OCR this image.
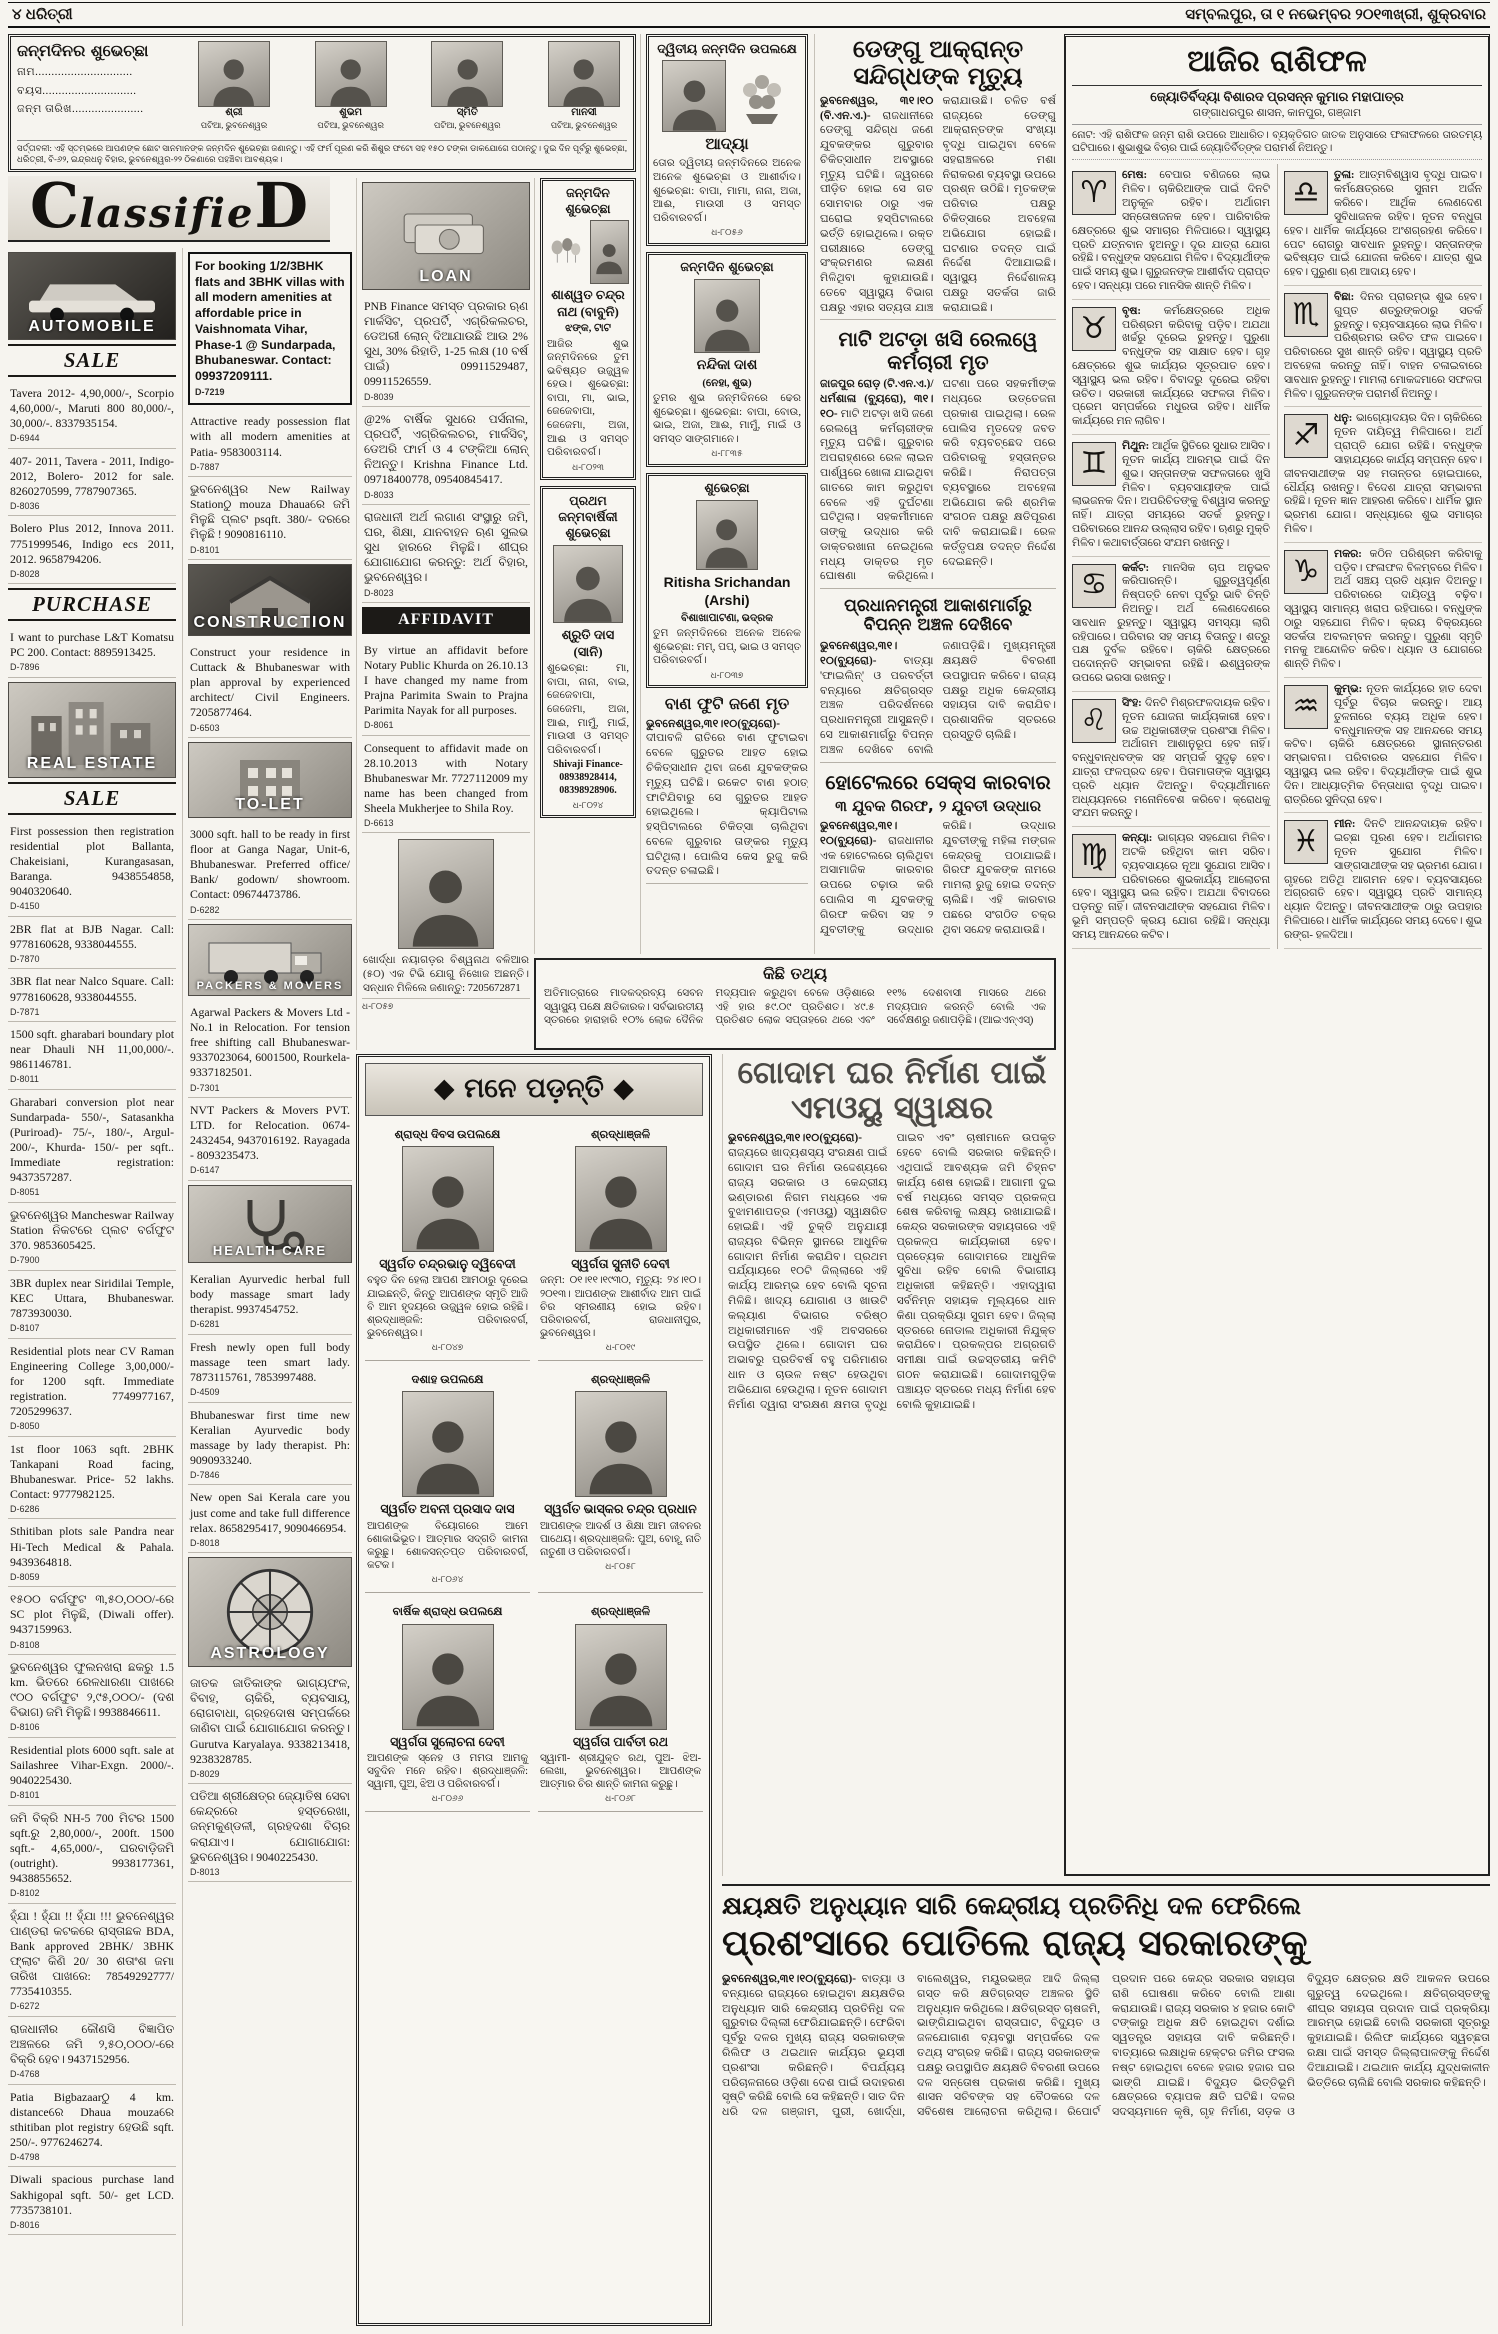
୪ ଧରିତ୍ରୀ	ସମ୍ବଲପୁର, ତା ୧ ନଭେମ୍ବର ୨୦୧୩ଖ୍ରୀ, ଶୁକ୍ରବାର
ଜନ୍ମଦିନର ଶୁଭେଚ୍ଛା
ନାମ..............................
ବୟସ.............................
ଜନ୍ମ ତାରିଖ......................	ଶ୍ରୀ
ପଟିଆ, ଭୁବନେଶ୍ୱର
ଶୁଭମ
ପଟିଆ, ଭୁବନେଶ୍ୱର
ସ୍ମିତି
ପଟିଆ, ଭୁବନେଶ୍ୱର
ମାନସୀ
ପଟିଆ, ଭୁବନେଶ୍ୱର
ସର୍ତ୍ତାବଳୀ: ଏହି ସ୍ତମ୍ଭରେ ଆପଣଙ୍କ ଛୋଟ ସାନମାନଙ୍କ ଜନ୍ମଦିନ ଶୁଭେଚ୍ଛା ଜଣାନ୍ତୁ। ଏହି ଫର୍ମ ପୂରଣ କରି ଶିଶୁର ଫଟୋ ସହ ୧୫୦ ଟଙ୍କା ଡାକଯୋଗେ ପଠାନ୍ତୁ। ଦୁଇ ଦିନ ପୂର୍ବରୁ ଶୁଭେଚ୍ଛା, ଧରିତ୍ରୀ, ବି-୬୨, ଇନ୍ଦ୍ରଧନୁ ବିହାର, ଭୁବନେଶ୍ୱର-୨୨ ଠିକଣାରେ ପହଞ୍ଚିବା ଆବଶ୍ୟକ।
C lassifie D
AUTOMOBILE
SALE
Tavera 2012- 4,90,000/-, Scorpio 4,60,000/-, Maruti 800 80,000/-, 30,000/-. 8337935154.
D-6944
407- 2011, Tavera - 2011, Indigo- 2012, Bolero- 2012 for sale. 8260270599, 7787907365.
D-8036
Bolero Plus 2012, Innova 2011. 7751999546, Indigo ecs 2011, 2012. 9658794206.
D-8028
PURCHASE
I want to purchase L&T Komatsu PC 200. Contact: 8895913425.
D-7896
REAL ESTATE
SALE
First possession then registration residential plot Ballanta, Chakeisiani, Kurangasasan, Baranga. 9438554858, 9040320640.
D-4150
2BR flat at BJB Nagar. Call: 9778160628, 9338044555.
D-7870
3BR flat near Nalco Square. Call: 9778160628, 9338044555.
D-7871
1500 sqft. gharabari boundary plot near Dhauli NH 11,00,000/-. 9861146781.
D-8011
Gharabari conversion plot near Sundarpada- 550/-, Satasankha (Puriroad)- 75/-, 180/-, Argul- 200/-, Khurda- 150/- per sqft.. Immediate registration: 9437357287.
D-8051
ଭୁବନେଶ୍ୱର Mancheswar Railway Station ନିକଟରେ ପ୍ଲଟ ବର୍ଗଫୁଟ 370. 9853605425.
D-7900
3BR duplex near Siridilai Temple, KEC Uttara, Bhubaneswar. 7873930030.
D-8107
Residential plots near CV Raman Engineering College 3,00,000/- for 1200 sqft. Immediate registration. 7749977167, 7205299637.
D-8050
1st floor 1063 sqft. 2BHK Tankapani Road facing, Bhubaneswar. Price- 52 lakhs. Contact: 9777982125.
D-6286
Sthitiban plots sale Pandra near Hi-Tech Medical & Pahala. 9439364818.
D-8059
୧୫୦୦ ବର୍ଗଫୁଟ ୩,୫୦,୦୦୦/-ରେ SC plot ମିଳୁଛି, (Diwali offer). 9437159963.
D-8108
ଭୁବନେଶ୍ୱର ଫୁଲନଖରା ଛକରୁ 1.5 km. ଭିତରେ ରେଳଧାରଣା ପାଖରେ ୯୦୦ ବର୍ଗଫୁଟ ୨,୯୫,୦୦୦/- (ଦଶ ବିଭାଗ) ଜମି ମିଳୁଛି। 9938846611.
D-8106
Residential plots 6000 sqft. sale at Sailashree Vihar-Exgn. 2000/-. 9040225430.
D-8101
ଜମି ବିକ୍ରି NH-5 700 ମିଟର 1500 sqft.ରୁ 2,80,000/-, 200ft. 1500 sqft.- 4,65,000/-, ଘରବାଡ଼ିଜମି (outright). 9938177361, 9438855652.
D-8102
ହ୍ଯାଁ ! ହ୍ଯାଁ !! ହ୍ଯାଁ !!! ଭୁବନେଶ୍ୱର ପାଣ୍ଡରା କଟକରେ ରାସ୍ତାଛକ BDA, Bank approved 2BHK/ 3BHK ଫ୍ଲାଟ କିଣି 20/ 30 ଶତାଂଶ ଜମା ତାରିଖ ପାଖରେ: 78549292777/ 7735410355.
D-6272
ରାଜଧାନୀର କୌଣସି ବିଜ୍ଞାପିତ ଅଞ୍ଚଳରେ ଜମି ୨,୫୦,୦୦୦/-ରେ ବିକ୍ରି ହେବ। 9437152956.
D-4768
Patia Bigbazaarଠୁ 4 km. distanceରେ Dhaua mouzaରେ sthitiban plot registry ହେଉଛି sqft. 250/-. 9776246274.
D-4798
Diwali spacious purchase land Sakhigopal sqft. 50/- get LCD. 7735738101.
D-8016
For booking 1/2/3BHK flats and 3BHK villas with all modern amenities at affordable price in Vaishnomata Vihar, Phase-1 @ Sundarpada, Bhubaneswar. Contact: 09937209111.
D-7219
Attractive ready possession flat with all modern amenities at Patia- 9583003114.
D-7887
ଭୁବନେଶ୍ୱର New Railway Stationଠୁ mouza Dhauaରେ ଜମି ମିଳୁଛି ପ୍ଲଟ psqft. 380/- ଦରରେ ମିଳୁଛି ! 9090816110.
D-8101
CONSTRUCTION
Construct your residence in Cuttack & Bhubaneswar with plan approval by experienced architect/ Civil Engineers. 7205877464.
D-6503
TO-LET
3000 sqft. hall to be ready in first floor at Ganga Nagar, Unit-6, Bhubaneswar. Preferred office/ Bank/ godown/ showroom. Contact: 09674473786.
D-6282
PACKERS & MOVERS
Agarwal Packers & Movers Ltd - No.1 in Relocation. For tension free shifting call Bhubaneswar- 9337023064, 6001500, Rourkela- 9337182501.
D-7301
NVT Packers & Movers PVT. LTD. for Relocation. 0674-2432454, 9437016192. Rayagada - 8093235473.
D-6147
HEALTH CARE
Keralian Ayurvedic herbal full body massage smart lady therapist. 9937454752.
D-6281
Fresh newly open full body massage teen smart lady. 7873115761, 7853997488.
D-4509
Bhubaneswar first time new Keralian Ayurvedic body massage by lady therapist. Ph: 9090933240.
D-7846
New open Sai Kerala care you just come and take full difference relax. 8658295417, 9090466954.
D-8018
ASTROLOGY
ଜାତକ ଜାତିକାଙ୍କ ଭାଗ୍ୟଫଳ, ବିବାହ, ଚାକିରି, ବ୍ୟବସାୟ, ରୋଗବାଧା, ଗ୍ରହଦୋଷ ସମ୍ପର୍କରେ ଜାଣିବା ପାଇଁ ଯୋଗାଯୋଗ କରନ୍ତୁ। Gurutva Karyalaya. 9338213418, 9238328785.
D-8029
ପତିଆ ଶ୍ରୀକ୍ଷେତ୍ର ଜ୍ୟୋତିଷ ସେବା କେନ୍ଦ୍ରରେ ହସ୍ତରେଖା, ଜନ୍ମକୁଣ୍ଡଳୀ, ଗ୍ରହଦଶା ବିଚାର କରାଯାଏ। ଯୋଗାଯୋଗ: ଭୁବନେଶ୍ୱର। 9040225430.
D-8013
LOAN
PNB Finance ସମସ୍ତ ପ୍ରକାର ଋଣ ମାର୍କସିଟ, ପ୍ରପର୍ଟି, ଏଗ୍ରିକଲଚର, ଡେଅରୀ ଲୋନ୍ ଦିଆଯାଉଛି ଆଉ 2% ସୁଧ, 30% ରିହାତି, 1-25 ଲକ୍ଷ (10 ବର୍ଷ ପାଇଁ) 09911529487, 09911526559.
D-8039
@2% ବାର୍ଷିକ ସୁଧରେ ପର୍ସନାଲ, ପ୍ରପର୍ଟି, ଏଗ୍ରିକଲଚର, ମାର୍କସିଟ୍, ଡେଅରି ଫାର୍ମ ଓ 4 ଟଙ୍କିଆ ଲୋନ୍ ନିଅନ୍ତୁ। Krishna Finance Ltd. 09718400778, 09540845417.
D-8033
ରାଜଧାନୀ ଅର୍ଥ ଲଗାଣ ସଂସ୍ଥାରୁ ଜମି, ଘର, ଶିକ୍ଷା, ଯାନବାହନ ଋଣ ସୁଲଭ ସୁଧ ହାରରେ ମିଳୁଛି। ଶୀଘ୍ର ଯୋଗାଯୋଗ କରନ୍ତୁ: ଅର୍ଥ ବିହାର, ଭୁବନେଶ୍ୱର।
D-8023
AFFIDAVIT
By virtue an affidavit before Notary Public Khurda on 26.10.13 I have changed my name from Prajna Parimita Swain to Prajna Parimita Nayak for all purposes.
D-8061
Consequent to affidavit made on 28.10.2013 with Notary Bhubaneswar Mr. 7727112009 my name has been changed from Sheela Mukherjee to Shila Roy.
D-6613
ଖୋର୍ଦ୍ଧା ନୟାଗଡ଼ର ବିଶ୍ୱନାଥ ବଳିଆର (୫୦) ଏକ ଟିଭି ଯୋଗୁ ନିଖୋଜ ଅଛନ୍ତି। ସନ୍ଧାନ ମିଳିଲେ ଜଣାନ୍ତୁ: 7205672871
ଧ-୮୦୫୭
ଜନ୍ମଦିନ ଶୁଭେଚ୍ଛା
ଶାଶ୍ୱତ ଚନ୍ଦ୍ର ନାଥ (ବାବୁନି)
ଝଙ୍କ, ଟାଟ
ଆଜିର ଶୁଭ ଜନ୍ମଦିନରେ ତୁମ ଭବିଷ୍ୟତ ଉଜ୍ଜ୍ୱଳ ହେଉ। ଶୁଭେଚ୍ଛା: ବାପା, ମା, ଭାଇ, ଜେଜେବାପା, ଜେଜେମା, ଅଜା, ଆଈ ଓ ସମସ୍ତ ପରିବାରବର୍ଗ।
ଧ-୮୦୨୩
ପ୍ରଥମ ଜନ୍ମବାର୍ଷିକୀ ଶୁଭେଚ୍ଛା
ଶ୍ରୁତି ଦାସ (ସାନି)
ଶୁଭେଚ୍ଛା: ମା, ବାପା, ନାନା, ବାଇ, ଜେଜେବାପା, ଜେଜେମା, ଅଜା, ଆଈ, ମାମୁଁ, ମାଇଁ, ମାଉସୀ ଓ ସମସ୍ତ ପରିବାରବର୍ଗ।
Shivaji Finance- 08938928414, 08398928906.
ଧ-୮୦୨୪
ଦ୍ୱିତୀୟ ଜନ୍ମଦିନ ଉପଲକ୍ଷେ
ଆଦ୍ୟା
ତୋର ଦ୍ୱିତୀୟ ଜନ୍ମଦିନରେ ଅନେକ ଅନେକ ଶୁଭେଚ୍ଛା ଓ ଆଶୀର୍ବାଦ। ଶୁଭେଚ୍ଛା: ବାପା, ମାମା, ନାନା, ଅଜା, ଆଈ, ମାଉସୀ ଓ ସମସ୍ତ ପରିବାରବର୍ଗ।
ଧ-୮୦୫୬
ଜନ୍ମଦିନ ଶୁଭେଚ୍ଛା
ନନ୍ଦିକା ଦାଶ
(ନେହା, ଶୁଭ)
ତୁମର ଶୁଭ ଜନ୍ମଦିନରେ ଢେର ଶୁଭେଚ୍ଛା। ଶୁଭେଚ୍ଛା: ବାପା, ବୋଉ, ଭାଇ, ଅଜା, ଆଈ, ମାମୁଁ, ମାଇଁ ଓ ସମସ୍ତ ସାଙ୍ଗମାନେ।
ଧ-୮୮୩୫
ଶୁଭେଚ୍ଛା
Ritisha Srichandan (Arshi)
ବିଶାଖାପାଟଣା, ଭଦ୍ରକ
ତୁମ ଜନ୍ମଦିନରେ ଅନେକ ଅନେକ ଶୁଭେଚ୍ଛା: ମମ୍, ପପ୍, ଭାଇ ଓ ସମସ୍ତ ପରିବାରବର୍ଗ।
ଧ-୮୦୩୭
ବାଣ ଫୁଟି ଜଣେ ମୃତ

ଭୁବନେଶ୍ୱର,୩୧।୧୦(ବ୍ୟୁରୋ)- ଦୀପାବଳି ରାତିରେ ବାଣ ଫୁଟାଇବା ବେଳେ ଗୁରୁତର ଆହତ ହୋଇ ଚିକିତ୍ସାଧୀନ ଥିବା ଜଣେ ଯୁବକଙ୍କର ମୃତ୍ୟୁ ଘଟିଛି। ରକେଟ ବାଣ ହଠାତ୍ ଫାଟିଯିବାରୁ ସେ ଗୁରୁତର ଆହତ ହୋଇଥିଲେ। କ୍ୟାପିଟାଲ ହସ୍ପିଟାଲରେ ଚିକିତ୍ସା ଚାଲିଥିବା ବେଳେ ଗୁରୁବାର ତାଙ୍କର ମୃତ୍ୟୁ ଘଟିଥିଲା। ପୋଲିସ କେସ ରୁଜୁ କରି ତଦନ୍ତ ଚଳାଇଛି।

ଡେଙ୍ଗୁ ଆକ୍ରାନ୍ତ ସନ୍ଦିଗ୍ଧଙ୍କ ମୃତ୍ୟୁ
ଭୁବନେଶ୍ୱର, ୩୧।୧୦ (ବି.ଏନ.ଏ.)- ରାଜଧାନୀରେ ଡେଙ୍ଗୁ ସନ୍ଦିଗ୍ଧ ଜଣେ ଯୁବକଙ୍କର ଗୁରୁବାର ଚିକିତ୍ସାଧୀନ ଅବସ୍ଥାରେ ମୃତ୍ୟୁ ଘଟିଛି। ଜ୍ୱରରେ ପୀଡ଼ିତ ହୋଇ ସେ ଗତ ସୋମବାର ଠାରୁ ଏକ ଘରୋଇ ହସ୍ପିଟାଲରେ ଭର୍ତ୍ତି ହୋଇଥିଲେ। ରକ୍ତ ପରୀକ୍ଷାରେ ଡେଙ୍ଗୁ ସଂକ୍ରମଣର ଲକ୍ଷଣ ମିଳିଥିବା କୁହାଯାଉଛି। ତେବେ ସ୍ୱାସ୍ଥ୍ୟ ବିଭାଗ ପକ୍ଷରୁ ଏହାର ସତ୍ୟତା ଯାଞ୍ଚ କରାଯାଉଛି। ଚଳିତ ବର୍ଷ ରାଜ୍ୟରେ ଡେଙ୍ଗୁ ଆକ୍ରାନ୍ତଙ୍କ ସଂଖ୍ୟା ବୃଦ୍ଧି ପାଇଥିବା ବେଳେ ସହରାଞ୍ଚଳରେ ମଶା ନିରାକରଣ ବ୍ୟବସ୍ଥା ଉପରେ ପ୍ରଶ୍ନ ଉଠିଛି। ମୃତକଙ୍କ ପରିବାର ପକ୍ଷରୁ ଚିକିତ୍ସାରେ ଅବହେଳା ଅଭିଯୋଗ ହୋଇଛି। ଘଟଣାର ତଦନ୍ତ ପାଇଁ ନିର୍ଦ୍ଦେଶ ଦିଆଯାଇଛି। ସ୍ୱାସ୍ଥ୍ୟ ନିର୍ଦ୍ଦେଶାଳୟ ପକ୍ଷରୁ ସତର୍କତା ଜାରି କରାଯାଇଛି।
ମାଟି ଅଟଡ଼ା ଖସି ରେଲୱେ କର୍ମଚାରୀ ମୃତ
ଜାଜପୁର ରୋଡ଼ (ଟି.ଏନ.ଏ.)/ ଧର୍ମଶାଳା (ବ୍ୟୁରୋ), ୩୧।୧୦- ମାଟି ଅଟଡ଼ା ଖସି ଜଣେ ରେଲୱେ କର୍ମଚାରୀଙ୍କ ମୃତ୍ୟୁ ଘଟିଛି। ଗୁରୁବାର ଅପରାହ୍ଣରେ ରେଳ ଲାଇନ ପାର୍ଶ୍ୱରେ ଖୋଳା ଯାଇଥିବା ଗାତରେ କାମ କରୁଥିବା ବେଳେ ଏହି ଦୁର୍ଘଟଣା ଘଟିଥିଲା। ସହକର୍ମୀମାନେ ତାଙ୍କୁ ଉଦ୍ଧାର କରି ଡାକ୍ତରଖାନା ନେଇଥିଲେ ମଧ୍ୟ ଡାକ୍ତର ମୃତ ଘୋଷଣା କରିଥିଲେ। ଘଟଣା ପରେ ସହକର୍ମୀଙ୍କ ମଧ୍ୟରେ ଉତ୍ତେଜନା ପ୍ରକାଶ ପାଇଥିଲା। ରେଳ ପୋଲିସ ମୃତଦେହ ଜବତ କରି ବ୍ୟବଚ୍ଛେଦ ପରେ ପରିବାରକୁ ହସ୍ତାନ୍ତର କରିଛି। ନିରାପତ୍ତା ବ୍ୟବସ୍ଥାରେ ଅବହେଳା ଅଭିଯୋଗ କରି ଶ୍ରମିକ ସଂଗଠନ ପକ୍ଷରୁ କ୍ଷତିପୂରଣ ଦାବି କରାଯାଇଛି। ରେଳ କର୍ତ୍ତୃପକ୍ଷ ତଦନ୍ତ ନିର୍ଦ୍ଦେଶ ଦେଇଛନ୍ତି।
ପ୍ରଧାନମନ୍ତ୍ରୀ ଆକାଶମାର୍ଗରୁ ବିପନ୍ନ ଅଞ୍ଚଳ ଦେଖିବେ
ଭୁବନେଶ୍ୱର,୩୧।୧୦(ବ୍ୟୁରୋ)- ବାତ୍ୟା 'ଫାଇଲିନ୍' ଓ ପରବର୍ତ୍ତୀ ବନ୍ୟାରେ କ୍ଷତିଗ୍ରସ୍ତ ଅଞ୍ଚଳ ପରିଦର୍ଶନରେ ପ୍ରଧାନମନ୍ତ୍ରୀ ଆସୁଛନ୍ତି। ସେ ଆକାଶମାର୍ଗରୁ ବିପନ୍ନ ଅଞ୍ଚଳ ଦେଖିବେ ବୋଲି ଜଣାପଡ଼ିଛି। ମୁଖ୍ୟମନ୍ତ୍ରୀ କ୍ଷୟକ୍ଷତି ବିବରଣୀ ଉପସ୍ଥାପନ କରିବେ। ରାଜ୍ୟ ପକ୍ଷରୁ ଅଧିକ କେନ୍ଦ୍ରୀୟ ସହାୟତା ଦାବି କରାଯିବ। ପ୍ରଶାସନିକ ସ୍ତରରେ ପ୍ରସ୍ତୁତି ଚାଲିଛି।
ହୋଟେଲରେ ସେକ୍ସ କାରବାର
୩ ଯୁବକ ଗିରଫ, ୨ ଯୁବତୀ ଉଦ୍ଧାର
ଭୁବନେଶ୍ୱର,୩୧।୧୦(ବ୍ୟୁରୋ)- ରାଜଧାନୀର ଏକ ହୋଟେଲରେ ଚାଲିଥିବା ଅସାମାଜିକ କାରବାର ଉପରେ ଚଢ଼ାଉ କରି ପୋଲିସ ୩ ଯୁବକଙ୍କୁ ଗିରଫ କରିବା ସହ ୨ ଯୁବତୀଙ୍କୁ ଉଦ୍ଧାର କରିଛି। ଉଦ୍ଧାର ଯୁବତୀଙ୍କୁ ମହିଳା ମଙ୍ଗଳ କେନ୍ଦ୍ରକୁ ପଠାଯାଇଛି। ଗିରଫ ଯୁବକଙ୍କ ନାମରେ ମାମଲା ରୁଜୁ ହୋଇ ତଦନ୍ତ ଚାଲିଛି। ଏହି କାରବାର ପଛରେ ସଂଗଠିତ ଚକ୍ର ଥିବା ସନ୍ଦେହ କରାଯାଉଛି।
କିଛି ତଥ୍ୟ
ଅତିମାତ୍ରାରେ ମାଦକଦ୍ରବ୍ୟ ସେବନ ସ୍ୱାସ୍ଥ୍ୟ ପକ୍ଷେ କ୍ଷତିକାରକ। ସର୍ବଭାରତୀୟ ସ୍ତରରେ ହାରାହାରି ୧୦% ଲୋକ ଦୈନିକ ମଦ୍ୟପାନ କରୁଥିବା ବେଳେ ଓଡ଼ିଶାରେ ଏହି ହାର ୫୯.୦୯ ପ୍ରତିଶତ। ୪୯.୫ ପ୍ରତିଶତ ଲୋକ ସପ୍ତାହରେ ଥରେ ଏବଂ ୧୧% ଦେଶବାସୀ ମାସରେ ଥରେ ମଦ୍ୟପାନ କରନ୍ତି ବୋଲି ଏକ ସର୍ବେକ୍ଷଣରୁ ଜଣାପଡ଼ିଛି। (ଆଇଏନ୍ଏସ୍)
◆ ମନେ ପଡ଼ନ୍ତି ◆
ଶ୍ରାଦ୍ଧ ଦିବସ ଉପଲକ୍ଷେ
ସ୍ୱର୍ଗତ ଚନ୍ଦ୍ରଭାନୁ ଦ୍ୱିବେଦୀ

ବହୁତ ଦିନ ହେଲା ଆପଣ ଆମଠାରୁ ଦୂରେଇ ଯାଇଛନ୍ତି, କିନ୍ତୁ ଆପଣଙ୍କ ସ୍ମୃତି ଆଜି ବି ଆମ ହୃଦୟରେ ଉଜ୍ଜ୍ୱଳ ହୋଇ ରହିଛି। ଶ୍ରଦ୍ଧାଞ୍ଜଳି: ପରିବାରବର୍ଗ, ଭୁବନେଶ୍ୱର।

ଧ-୮୦୪୭
ଶ୍ରଦ୍ଧାଞ୍ଜଳି
ସ୍ୱର୍ଗତା ସୁନୀତି ଦେବୀ

ଜନ୍ମ: ୦୧।୧୧।୧୯୩୦, ମୃତ୍ୟୁ: ୨୪।୧୦।୨୦୧୩। ଆପଣଙ୍କ ଆଶୀର୍ବାଦ ଆମ ପାଇଁ ଚିର ସ୍ମରଣୀୟ ହୋଇ ରହିବ। ପରିବାରବର୍ଗ, ରାଜଧାନୀପୁର, ଭୁବନେଶ୍ୱର।

ଧ-୮୦୧୯
ଦଶାହ ଉପଲକ୍ଷେ
ସ୍ୱର୍ଗତ ଅବନୀ ପ୍ରସାଦ ଦାସ

ଆପଣଙ୍କ ବିୟୋଗରେ ଆମେ ଶୋକାଭିଭୂତ। ଆତ୍ମାର ସଦ୍‌ଗତି କାମନା କରୁଛୁ। ଶୋକସନ୍ତପ୍ତ ପରିବାରବର୍ଗ, କଟକ।

ଧ-୮୦୬୪
ଶ୍ରଦ୍ଧାଞ୍ଜଳି
ସ୍ୱର୍ଗତ ଭାସ୍କର ଚନ୍ଦ୍ର ପ୍ରଧାନ

ଆପଣଙ୍କ ଆଦର୍ଶ ଓ ଶିକ୍ଷା ଆମ ଜୀବନର ପାଥେୟ। ଶ୍ରଦ୍ଧାଞ୍ଜଳି: ପୁଅ, ବୋହୂ, ନାତି ନାତୁଣୀ ଓ ପରିବାରବର୍ଗ।

ଧ-୮୦୫୮
ବାର୍ଷିକ ଶ୍ରାଦ୍ଧ ଉପଲକ୍ଷେ
ସ୍ୱର୍ଗତା ସୁଲୋଚନା ଦେବୀ

ଆପଣଙ୍କ ସ୍ନେହ ଓ ମମତା ଆମକୁ ସବୁଦିନ ମନେ ରହିବ। ଶ୍ରଦ୍ଧାଞ୍ଜଳି: ସ୍ୱାମୀ, ପୁଅ, ଝିଅ ଓ ପରିବାରବର୍ଗ।

ଧ-୮୦୬୬
ଶ୍ରଦ୍ଧାଞ୍ଜଳି
ସ୍ୱର୍ଗତା ପାର୍ବତୀ ରଥ

ସ୍ୱାମୀ- ଶ୍ରୀଯୁକ୍ତ ରଥ, ପୁଅ- ଝିଅ- ଲେଖା, ଭୁବନେଶ୍ୱର। ଆପଣଙ୍କ ଆତ୍ମାର ଚିର ଶାନ୍ତି କାମନା କରୁଛୁ।

ଧ-୮୦୬୮
ଗୋଦାମ ଘର ନିର୍ମାଣ ପାଇଁ ଏମଓୟୁ ସ୍ୱାକ୍ଷର
ଭୁବନେଶ୍ୱର,୩୧।୧୦(ବ୍ୟୁରୋ)- ରାଜ୍ୟରେ ଖାଦ୍ୟଶସ୍ୟ ସଂରକ୍ଷଣ ପାଇଁ ଗୋଦାମ ଘର ନିର୍ମାଣ ଉଦ୍ଦେଶ୍ୟରେ ରାଜ୍ୟ ସରକାର ଓ କେନ୍ଦ୍ରୀୟ ଭଣ୍ଡାରଣ ନିଗମ ମଧ୍ୟରେ ଏକ ବୁଝାମଣାପତ୍ର (ଏମଓୟୁ) ସ୍ୱାକ୍ଷରିତ ହୋଇଛି। ଏହି ଚୁକ୍ତି ଅନୁଯାୟୀ ରାଜ୍ୟର ବିଭିନ୍ନ ସ୍ଥାନରେ ଆଧୁନିକ ଗୋଦାମ ନିର୍ମାଣ କରାଯିବ। ପ୍ରଥମ ପର୍ଯ୍ୟାୟରେ ୧୦ଟି ଜିଲ୍ଲାରେ ଏହି କାର୍ଯ୍ୟ ଆରମ୍ଭ ହେବ ବୋଲି ସୂଚନା ମିଳିଛି। ଖାଦ୍ୟ ଯୋଗାଣ ଓ ଖାଉଟି କଲ୍ୟାଣ ବିଭାଗର ବରିଷ୍ଠ ଅଧିକାରୀମାନେ ଏହି ଅବସରରେ ଉପସ୍ଥିତ ଥିଲେ। ଗୋଦାମ ଘର ଅଭାବରୁ ପ୍ରତିବର୍ଷ ବହୁ ପରିମାଣର ଧାନ ଓ ଚାଉଳ ନଷ୍ଟ ହେଉଥିବା ଅଭିଯୋଗ ହେଉଥିଲା। ନୂତନ ଗୋଦାମ ନିର୍ମାଣ ଦ୍ୱାରା ସଂରକ୍ଷଣ କ୍ଷମତା ବୃଦ୍ଧି ପାଇବ ଏବଂ ଚାଷୀମାନେ ଉପକୃତ ହେବେ ବୋଲି ସରକାର କହିଛନ୍ତି। ଏଥିପାଇଁ ଆବଶ୍ୟକ ଜମି ଚିହ୍ନଟ କାର୍ଯ୍ୟ ଶେଷ ହୋଇଛି। ଆଗାମୀ ଦୁଇ ବର୍ଷ ମଧ୍ୟରେ ସମସ୍ତ ପ୍ରକଳ୍ପ ଶେଷ କରିବାକୁ ଲକ୍ଷ୍ୟ ରଖାଯାଇଛି। କେନ୍ଦ୍ର ସରକାରଙ୍କ ସହାୟତାରେ ଏହି ପ୍ରକଳ୍ପ କାର୍ଯ୍ୟକାରୀ ହେବ। ପ୍ରତ୍ୟେକ ଗୋଦାମରେ ଆଧୁନିକ ସୁବିଧା ରହିବ ବୋଲି ବିଭାଗୀୟ ଅଧିକାରୀ କହିଛନ୍ତି। ଏହାଦ୍ୱାରା ସର୍ବନିମ୍ନ ସହାୟକ ମୂଲ୍ୟରେ ଧାନ କିଣା ପ୍ରକ୍ରିୟା ସୁଗମ ହେବ। ଜିଲ୍ଲା ସ୍ତରରେ ନୋଡାଲ ଅଧିକାରୀ ନିଯୁକ୍ତ କରାଯିବେ। ପ୍ରକଳ୍ପର ଅଗ୍ରଗତି ସମୀକ୍ଷା ପାଇଁ ଉଚ୍ଚସ୍ତରୀୟ କମିଟି ଗଠନ କରାଯାଇଛି। ଗୋଦାମଗୁଡ଼ିକ ପଞ୍ଚାୟତ ସ୍ତରରେ ମଧ୍ୟ ନିର୍ମାଣ ହେବ ବୋଲି କୁହାଯାଇଛି।
ଆଜିର ରାଶିଫଳ
ଜ୍ୟୋତିର୍ବିଦ୍ୟା ବିଶାରଦ ପ୍ରସନ୍ନ କୁମାର ମହାପାତ୍ର
ଗଙ୍ଗାଧରପୁର ଶାସନ, କାନପୁର, ଗଞ୍ଜାମ
ନୋଟ: ଏହି ରାଶିଫଳ ଜନ୍ମ ରାଶି ଉପରେ ଆଧାରିତ। ବ୍ୟକ୍ତିଗତ ଜାତକ ଅନୁସାରେ ଫଳାଫଳରେ ତାରତମ୍ୟ ଘଟିପାରେ। ଶୁଭାଶୁଭ ବିଚାର ପାଇଁ ଜ୍ୟୋତିର୍ବିତ୍‌ଙ୍କ ପରାମର୍ଶ ନିଅନ୍ତୁ।
♈	ମେଷ : ବେପାର ବଣିଜରେ ଲାଭ ମିଳିବ। ଚାକିରିଆଙ୍କ ପାଇଁ ଦିନଟି ଅନୁକୂଳ ରହିବ। ଅର୍ଥାଗମ ସନ୍ତୋଷଜନକ ହେବ। ପାରିବାରିକ କ୍ଷେତ୍ରରେ ଶୁଭ ସମାଚାର ମିଳିପାରେ। ସ୍ୱାସ୍ଥ୍ୟ ପ୍ରତି ଯତ୍ନବାନ ହୁଅନ୍ତୁ। ଦୂର ଯାତ୍ରା ଯୋଗ ରହିଛି। ବନ୍ଧୁଙ୍କ ସହଯୋଗ ମିଳିବ। ବିଦ୍ୟାର୍ଥୀଙ୍କ ପାଇଁ ସମୟ ଶୁଭ। ଗୁରୁଜନଙ୍କ ଆଶୀର୍ବାଦ ପ୍ରାପ୍ତ ହେବ। ସନ୍ଧ୍ୟା ପରେ ମାନସିକ ଶାନ୍ତି ମିଳିବ।

♉	ବୃଷ : କର୍ମକ୍ଷେତ୍ରରେ ଅଧିକ ପରିଶ୍ରମ କରିବାକୁ ପଡ଼ିବ। ଅଯଥା ଖର୍ଚ୍ଚରୁ ଦୂରେଇ ରୁହନ୍ତୁ। ପୁରୁଣା ବନ୍ଧୁଙ୍କ ସହ ସାକ୍ଷାତ ହେବ। ଗୃହ କ୍ଷେତ୍ରରେ ଶୁଭ କାର୍ଯ୍ୟର ସୂତ୍ରପାତ ହେବ। ସ୍ୱାସ୍ଥ୍ୟ ଭଲ ରହିବ। ବିବାଦରୁ ଦୂରେଇ ରହିବା ଉଚିତ। ସରକାରୀ କାର୍ଯ୍ୟରେ ସଫଳତା ମିଳିବ। ପ୍ରେମ ସମ୍ପର୍କରେ ମଧୁରତା ରହିବ। ଧାର୍ମିକ କାର୍ଯ୍ୟରେ ମନ ଲାଗିବ।

♊	ମିଥୁନ : ଆର୍ଥିକ ସ୍ଥିତିରେ ସୁଧାର ଆସିବ। ନୂତନ କାର୍ଯ୍ୟ ଆରମ୍ଭ ପାଇଁ ଦିନ ଶୁଭ। ସନ୍ତାନଙ୍କ ସଫଳତାରେ ଖୁସି ମିଳିବ। ବ୍ୟବସାୟୀଙ୍କ ପାଇଁ ଲାଭଜନକ ଦିନ। ଅପରିଚିତଙ୍କୁ ବିଶ୍ୱାସ କରନ୍ତୁ ନାହିଁ। ଯାତ୍ରା ସମୟରେ ସତର୍କ ରୁହନ୍ତୁ। ପରିବାରରେ ଆନନ୍ଦ ଉଲ୍ଲାସ ରହିବ। ଋଣରୁ ମୁକ୍ତି ମିଳିବ। କଥାବାର୍ତ୍ତାରେ ସଂଯମ ରଖନ୍ତୁ।

♋	କର୍କଟ : ମାନସିକ ଚାପ ଅନୁଭବ କରିପାରନ୍ତି। ଗୁରୁତ୍ୱପୂର୍ଣ୍ଣ ନିଷ୍ପତ୍ତି ନେବା ପୂର୍ବରୁ ଭାବି ଚିନ୍ତି ନିଅନ୍ତୁ। ଅର୍ଥ ଲେଣଦେଣରେ ସାବଧାନ ରୁହନ୍ତୁ। ସ୍ୱାସ୍ଥ୍ୟ ସମସ୍ୟା ଲାଗି ରହିପାରେ। ପରିବାର ସହ ସମୟ ବିତାନ୍ତୁ। ଶତ୍ରୁ ପକ୍ଷ ଦୁର୍ବଳ ରହିବେ। ଚାକିରି କ୍ଷେତ୍ରରେ ପଦୋନ୍ନତି ସମ୍ଭାବନା ରହିଛି। ଈଶ୍ୱରଙ୍କ ଉପରେ ଭରସା ରଖନ୍ତୁ।

♌	ସିଂହ : ଦିନଟି ମିଶ୍ରଫଳଦାୟକ ରହିବ। ନୂତନ ଯୋଜନା କାର୍ଯ୍ୟକାରୀ ହେବ। ଉଚ୍ଚ ଅଧିକାରୀଙ୍କ ପ୍ରଶଂସା ମିଳିବ। ଅର୍ଥାଗମ ଆଶାନୁରୂପ ହେବ ନାହିଁ। ବନ୍ଧୁବାନ୍ଧବଙ୍କ ସହ ସମ୍ପର୍କ ସୁଦୃଢ଼ ହେବ। ଯାତ୍ରା ଫଳପ୍ରଦ ହେବ। ପିତାମାତାଙ୍କ ସ୍ୱାସ୍ଥ୍ୟ ପ୍ରତି ଧ୍ୟାନ ଦିଅନ୍ତୁ। ବିଦ୍ୟାର୍ଥୀମାନେ ଅଧ୍ୟୟନରେ ମନୋନିବେଶ କରିବେ। କ୍ରୋଧକୁ ସଂଯମ କରନ୍ତୁ।

♍	କନ୍ୟା : ଭାଗ୍ୟର ସହଯୋଗ ମିଳିବ। ଅଟକି ରହିଥିବା କାମ ସରିବ। ବ୍ୟବସାୟରେ ନୂଆ ସୁଯୋଗ ଆସିବ। ପରିବାରରେ ଶୁଭକାର୍ଯ୍ୟ ଆଲୋଚନା ହେବ। ସ୍ୱାସ୍ଥ୍ୟ ଭଲ ରହିବ। ଅଯଥା ବିବାଦରେ ପଡ଼ନ୍ତୁ ନାହିଁ। ଜୀବନସାଥୀଙ୍କ ସହଯୋଗ ମିଳିବ। ଭୂମି ସମ୍ପତ୍ତି କ୍ରୟ ଯୋଗ ରହିଛି। ସନ୍ଧ୍ୟା ସମୟ ଆନନ୍ଦରେ କଟିବ।

♎	ତୁଳା : ଆତ୍ମବିଶ୍ୱାସ ବୃଦ୍ଧି ପାଇବ। କର୍ମକ୍ଷେତ୍ରରେ ସୁନାମ ଅର୍ଜନ କରିବେ। ଆର୍ଥିକ ଲେଣଦେଣ ସୁବିଧାଜନକ ରହିବ। ନୂତନ ବନ୍ଧୁତା ହେବ। ଧାର୍ମିକ କାର୍ଯ୍ୟରେ ଅଂଶଗ୍ରହଣ କରିବେ। ପେଟ ରୋଗରୁ ସାବଧାନ ରୁହନ୍ତୁ। ସନ୍ତାନଙ୍କ ଭବିଷ୍ୟତ ପାଇଁ ଯୋଜନା କରିବେ। ଯାତ୍ରା ଶୁଭ ହେବ। ପୁରୁଣା ଋଣ ଆଦାୟ ହେବ।

♏	ବିଛା : ଦିନର ପ୍ରାରମ୍ଭ ଶୁଭ ହେବ। ଗୁପ୍ତ ଶତ୍ରୁଙ୍କଠାରୁ ସତର୍କ ରୁହନ୍ତୁ। ବ୍ୟବସାୟରେ ଲାଭ ମିଳିବ। ପରିଶ୍ରମର ଉଚିତ ଫଳ ପାଇବେ। ପରିବାରରେ ସୁଖ ଶାନ୍ତି ରହିବ। ସ୍ୱାସ୍ଥ୍ୟ ପ୍ରତି ଅବହେଳା କରନ୍ତୁ ନାହିଁ। ବାହନ ଚଳାଇବାରେ ସାବଧାନ ରୁହନ୍ତୁ। ମାମଲା ମୋକଦ୍ଦମାରେ ସଫଳତା ମିଳିବ। ଗୁରୁଜନଙ୍କ ପରାମର୍ଶ ନିଅନ୍ତୁ।

♐	ଧନୁ : ଭାଗ୍ୟୋଦୟର ଦିନ। ଚାକିରିରେ ନୂତନ ଦାୟିତ୍ୱ ମିଳିପାରେ। ଅର୍ଥ ପ୍ରାପ୍ତି ଯୋଗ ରହିଛି। ବନ୍ଧୁଙ୍କ ସାହାଯ୍ୟରେ କାର୍ଯ୍ୟ ସମ୍ପନ୍ନ ହେବ। ଜୀବନସାଥୀଙ୍କ ସହ ମତାନ୍ତର ହୋଇପାରେ, ଧୈର୍ଯ୍ୟ ରଖନ୍ତୁ। ବିଦେଶ ଯାତ୍ରା ସମ୍ଭାବନା ରହିଛି। ନୂତନ ଜ୍ଞାନ ଆହରଣ କରିବେ। ଧାର୍ମିକ ସ୍ଥାନ ଭ୍ରମଣ ଯୋଗ। ସନ୍ଧ୍ୟାରେ ଶୁଭ ସମାଚାର ମିଳିବ।

♑	ମକର : କଠିନ ପରିଶ୍ରମ କରିବାକୁ ପଡ଼ିବ। ଫଳାଫଳ ବିଳମ୍ବରେ ମିଳିବ। ଅର୍ଥ ସଞ୍ଚୟ ପ୍ରତି ଧ୍ୟାନ ଦିଅନ୍ତୁ। ପରିବାରରେ ଦାୟିତ୍ୱ ବଢ଼ିବ। ସ୍ୱାସ୍ଥ୍ୟ ସାମାନ୍ୟ ଖରାପ ରହିପାରେ। ବନ୍ଧୁଙ୍କ ଠାରୁ ସହଯୋଗ ମିଳିବ। କ୍ରୟ ବିକ୍ରୟରେ ସତର୍କତା ଅବଲମ୍ବନ କରନ୍ତୁ। ପୁରୁଣା ସ୍ମୃତି ମନକୁ ଆନ୍ଦୋଳିତ କରିବ। ଧ୍ୟାନ ଓ ଯୋଗରେ ଶାନ୍ତି ମିଳିବ।

♒	କୁମ୍ଭ : ନୂତନ କାର୍ଯ୍ୟରେ ହାତ ଦେବା ପୂର୍ବରୁ ବିଚାର କରନ୍ତୁ। ଆୟ ତୁଳନାରେ ବ୍ୟୟ ଅଧିକ ହେବ। ବନ୍ଧୁମାନଙ୍କ ସହ ଆନନ୍ଦରେ ସମୟ କଟିବ। ଚାକିରି କ୍ଷେତ୍ରରେ ସ୍ଥାନାନ୍ତରଣ ସମ୍ଭାବନା। ପରିବାରର ସହଯୋଗ ମିଳିବ। ସ୍ୱାସ୍ଥ୍ୟ ଭଲ ରହିବ। ବିଦ୍ୟାର୍ଥୀଙ୍କ ପାଇଁ ଶୁଭ ଦିନ। ଆଧ୍ୟାତ୍ମିକ ଚିନ୍ତାଧାରା ବୃଦ୍ଧି ପାଇବ। ରାତ୍ରିରେ ସୁନିଦ୍ରା ହେବ।

♓	ମୀନ : ଦିନଟି ଆନନ୍ଦଦାୟକ ରହିବ। ଇଚ୍ଛା ପୂରଣ ହେବ। ଅର୍ଥାଗମର ନୂତନ ସୁଯୋଗ ମିଳିବ। ସାଙ୍ଗସାଥୀଙ୍କ ସହ ଭ୍ରମଣ ଯୋଗ। ଗୃହରେ ଅତିଥି ଆଗମନ ହେବ। ବ୍ୟବସାୟରେ ଅଗ୍ରଗତି ହେବ। ସ୍ୱାସ୍ଥ୍ୟ ପ୍ରତି ସାମାନ୍ୟ ଧ୍ୟାନ ଦିଅନ୍ତୁ। ଜୀବନସାଥୀଙ୍କ ଠାରୁ ଉପହାର ମିଳିପାରେ। ଧାର୍ମିକ କାର୍ଯ୍ୟରେ ସମୟ ଦେବେ। ଶୁଭ ରଙ୍ଗ- ହଳଦିଆ।

କ୍ଷୟକ୍ଷତି ଅନୁଧ୍ୟାନ ସାରି କେନ୍ଦ୍ରୀୟ ପ୍ରତିନିଧି ଦଳ ଫେରିଲେ
ପ୍ରଶଂସାରେ ପୋତିଲେ ରାଜ୍ୟ ସରକାରଙ୍କୁ
ଭୁବନେଶ୍ୱର,୩୧।୧୦(ବ୍ୟୁରୋ)- ବାତ୍ୟା ଓ ବନ୍ୟାରେ ରାଜ୍ୟରେ ହୋଇଥିବା କ୍ଷୟକ୍ଷତିର ଅନୁଧ୍ୟାନ ସାରି କେନ୍ଦ୍ରୀୟ ପ୍ରତିନିଧି ଦଳ ଗୁରୁବାର ଦିଲ୍ଲୀ ଫେରିଯାଇଛନ୍ତି। ଫେରିବା ପୂର୍ବରୁ ଦଳର ମୁଖ୍ୟ ରାଜ୍ୟ ସରକାରଙ୍କ ରିଲିଫ ଓ ଥଇଥାନ କାର୍ଯ୍ୟର ଭୂୟସୀ ପ୍ରଶଂସା କରିଛନ୍ତି। ବିପର୍ଯ୍ୟୟ ପରିଚାଳନାରେ ଓଡ଼ିଶା ଦେଶ ପାଇଁ ଉଦାହରଣ ସୃଷ୍ଟି କରିଛି ବୋଲି ସେ କହିଛନ୍ତି। ସାତ ଦିନ ଧରି ଦଳ ଗଞ୍ଜାମ, ପୁରୀ, ଖୋର୍ଦ୍ଧା, ବାଲେଶ୍ୱର, ମୟୂରଭଞ୍ଜ ଆଦି ଜିଲ୍ଲା ଗସ୍ତ କରି କ୍ଷତିଗ୍ରସ୍ତ ଅଞ୍ଚଳର ସ୍ଥିତି ଅନୁଧ୍ୟାନ କରିଥିଲେ। କ୍ଷତିଗ୍ରସ୍ତ ଚାଷଜମି, ଭାଙ୍ଗିଯାଇଥିବା ରାସ୍ତାଘାଟ, ବିଦ୍ୟୁତ ଓ ଜଳଯୋଗାଣ ବ୍ୟବସ୍ଥା ସମ୍ପର୍କରେ ଦଳ ତଥ୍ୟ ସଂଗ୍ରହ କରିଛି। ରାଜ୍ୟ ସରକାରଙ୍କ ପକ୍ଷରୁ ଉପସ୍ଥାପିତ କ୍ଷୟକ୍ଷତି ବିବରଣୀ ଉପରେ ଦଳ ସନ୍ତୋଷ ପ୍ରକାଶ କରିଛି। ମୁଖ୍ୟ ଶାସନ ସଚିବଙ୍କ ସହ ବୈଠକରେ ଦଳ ସବିଶେଷ ଆଲୋଚନା କରିଥିଲା। ରିପୋର୍ଟ ପ୍ରଦାନ ପରେ କେନ୍ଦ୍ର ସରକାର ସହାୟତା ରାଶି ଘୋଷଣା କରିବେ ବୋଲି ଆଶା କରାଯାଉଛି। ରାଜ୍ୟ ସରକାର ୪ ହଜାର କୋଟି ଟଙ୍କାରୁ ଅଧିକ କ୍ଷତି ହୋଇଥିବା ଦର୍ଶାଇ ସ୍ୱତନ୍ତ୍ର ସହାୟତା ଦାବି କରିଛନ୍ତି। ବାତ୍ୟାରେ ଲକ୍ଷାଧିକ ହେକ୍ଟର ଜମିର ଫସଲ ନଷ୍ଟ ହୋଇଥିବା ବେଳେ ହଜାର ହଜାର ଘର ଭାଙ୍ଗି ଯାଇଛି। ବିଦ୍ୟୁତ ଭିତ୍ତିଭୂମି କ୍ଷେତ୍ରରେ ବ୍ୟାପକ କ୍ଷତି ଘଟିଛି। ଦଳର ସଦସ୍ୟମାନେ କୃଷି, ଗୃହ ନିର୍ମାଣ, ସଡ଼କ ଓ ବିଦ୍ୟୁତ କ୍ଷେତ୍ରର କ୍ଷତି ଆକଳନ ଉପରେ ଗୁରୁତ୍ୱ ଦେଇଥିଲେ। କ୍ଷତିଗ୍ରସ୍ତଙ୍କୁ ଶୀଘ୍ର ସହାୟତା ପ୍ରଦାନ ପାଇଁ ପ୍ରକ୍ରିୟା ଆରମ୍ଭ ହୋଇଛି ବୋଲି ସରକାରୀ ସୂତ୍ରରୁ କୁହାଯାଇଛି। ରିଲିଫ କାର୍ଯ୍ୟରେ ସ୍ୱଚ୍ଛତା ରକ୍ଷା ପାଇଁ ସମସ୍ତ ଜିଲ୍ଲାପାଳଙ୍କୁ ନିର୍ଦ୍ଦେଶ ଦିଆଯାଇଛି। ଥଇଥାନ କାର୍ଯ୍ୟ ଯୁଦ୍ଧକାଳୀନ ଭିତ୍ତିରେ ଚାଲିଛି ବୋଲି ସରକାର କହିଛନ୍ତି।
